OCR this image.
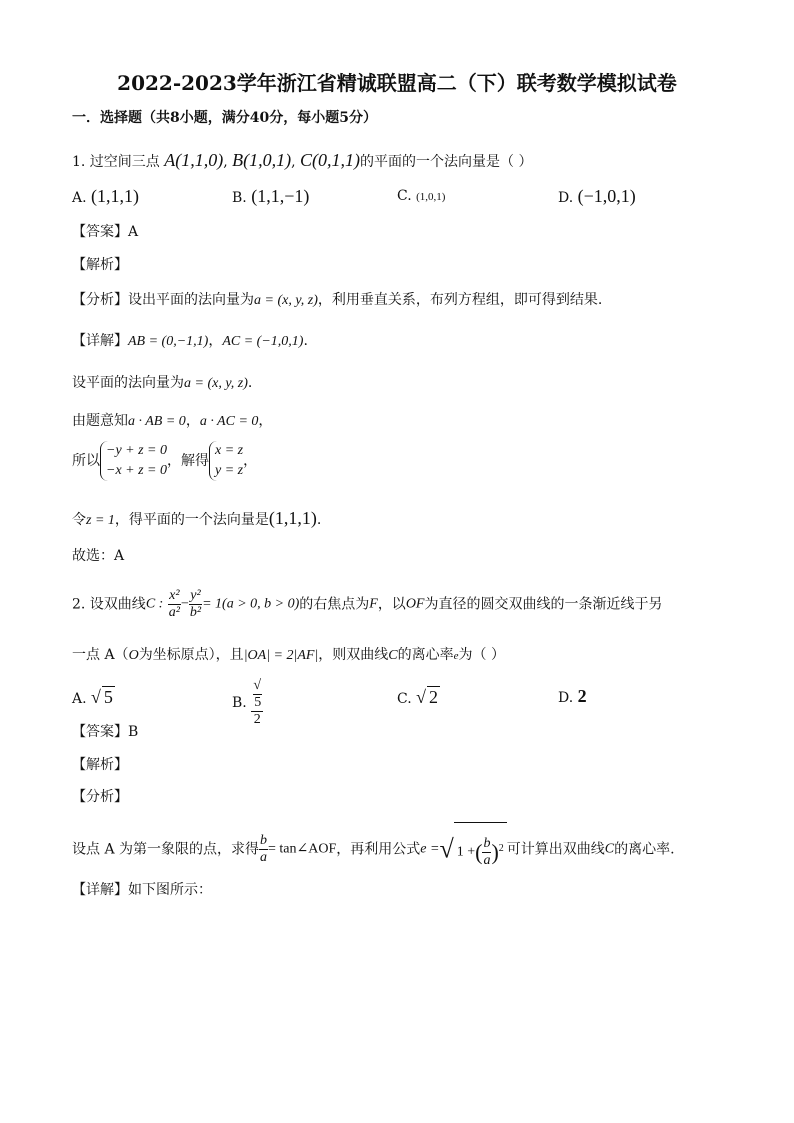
2022-2023学年浙江省精诚联盟高二（下）联考数学模拟试卷
一．选择题（共8小题，满分40分，每小题5分）
1. 过空间三点 A(1,1,0), B(1,0,1), C(0,1,1)的平面的一个法向量是（ ）
A. (1,1,1)	B. (1,1,−1)	C. (1,0,1)	D. (−1,0,1)
【答案】A
【解析】
【分析】设出平面的法向量为a = (x, y, z)，利用垂直关系，布列方程组，即可得到结果.
【详解】AB = (0,−1,1)，AC = (−1,0,1).
设平面的法向量为a = (x, y, z).
由题意知a · AB = 0，a · AC = 0，
所以
−y + z = 0
−x + z = 0
，解得
x = z
y = z
，
令z = 1，得平面的一个法向量是(1,1,1).
故选：A
2. 设双曲线C : $\frac{\text{x²}}{\text{a²}} - \frac{\text{y²}}{\text{b²}} = 1(a > 0$, b > 0)的右焦点为F，以OF为直径的圆交双曲线的一条渐近线于另
一点 A（O为坐标原点），且|OA| = 2|AF|，则双曲线C的离心率e为（ ）
A. √ 5	B. √
5
2	C. √ 2	D. 2
【答案】B
【解析】
【分析】
设点 A 为第一象限的点，求得 $\frac{b}{a}$ = tan∠AOF，再利用公式e =√ 1 +( $\frac{b}{a} )^2$ 可计算出双曲线C的离心率.
【详解】如下图所示：
